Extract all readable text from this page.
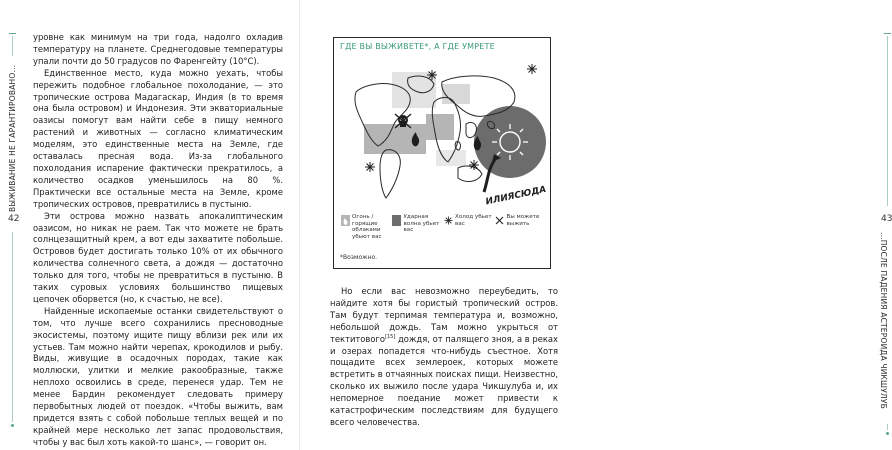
ВЫЖИВАНИЕ НЕ ГАРАНТИРОВАНО…
42

уровне как минимум на три года, надолго охладив температуру на планете. Среднегодовые температуры упали почти до 50 градусов по Фаренгейту (10°С).

Единственное место, куда можно уехать, чтобы пережить подобное глобальное похолодание, — это тропические острова Мадагаскар, Индия (в то время она была островом) и Индонезия. Эти экваториальные оазисы помогут вам найти себе в пищу немного растений и животных — согласно климатическим моделям, это единственные места на Земле, где оставалась пресная вода. Из-за глобального похолодания испарение фактически прекратилось, а количество осадков уменьшилось на 80 %. Практически все остальные места на Земле, кроме тропических островов, превратились в пустыню.

Эти острова можно назвать апокалиптическим оазисом, но никак не раем. Так что можете не брать солнцезащитный крем, а вот еды захватите побольше. Островов будет достигать только 10% от их обычного количества солнечного света, а дождя — достаточно только для того, чтобы не превратиться в пустыню. В таких суровых условиях большинство пищевых цепочек оборвется (но, к счастью, не все).

Найденные ископаемые останки свидетельствуют о том, что лучше всего сохранились пресноводные экосистемы, поэтому ищите пищу вблизи рек или их устьев. Там можно найти черепах, крокодилов и рыбу. Виды, живущие в осадочных породах, такие как моллюски, улитки и мелкие ракообразные, также неплохо освоились в среде, перенеся удар. Тем не менее Бардин рекомендует следовать примеру первобытных людей от поездок. «Чтобы выжить, вам придется взять с собой побольше теплых вещей и по крайней мере несколько лет запас продовольствия, чтобы у вас был хоть какой-то шанс», — говорит он.

43
…ПОСЛЕ ПАДЕНИЯ АСТЕРОИДА ЧИКШУЛУБ
ГДЕ ВЫ ВЫЖИВЕТЕ*, А ГДЕ УМРЕТЕ
ИЛИЯСЮДА
Огонь / горящие облаками убьют вас
Ударная волна убьет вас
Холод убьет вас
Вы можете выжить
*Возможно.

Но если вас невозможно переубедить, то найдите хотя бы гористый тропический остров. Там будут терпимая температура и, возможно, небольшой дождь. Там можно укрыться от тектитового[15] дождя, от палящего зноя, а в реках и озерах попадется что-нибудь съестное. Хотя пощадите всех землероек, которых можете встретить в отчаянных поисках пищи. Неизвестно, сколько их выжило после удара Чикшулуба и, их непомерное поедание может привести к катастрофическим последствиям для будущего всего человечества.
